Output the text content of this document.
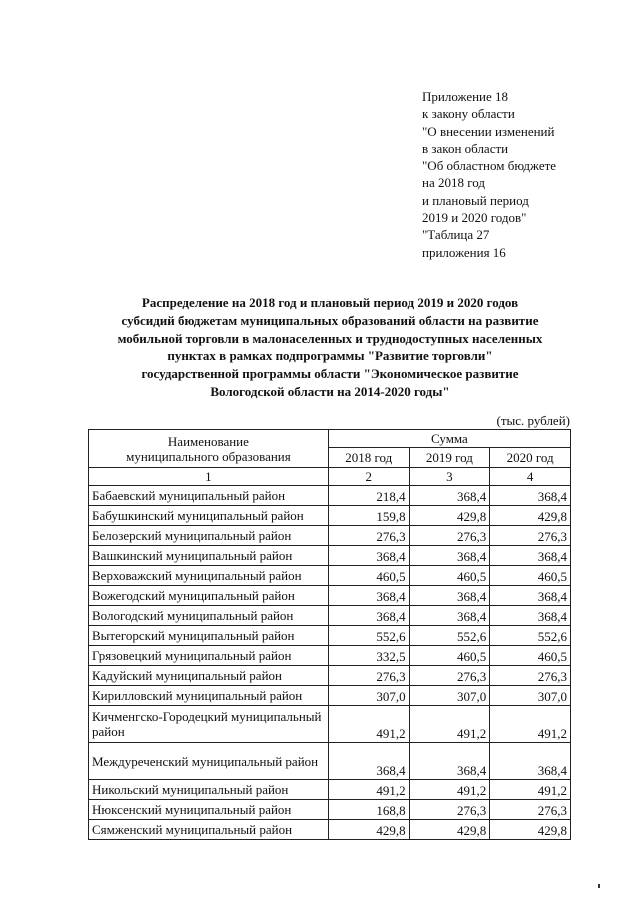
Приложение 18
к закону области
"О внесении изменений
в закон области
"Об областном бюджете
на 2018 год
и плановый период
2019 и 2020 годов"
"Таблица 27
приложения 16
Распределение на 2018 год и плановый период 2019 и 2020 годов
субсидий бюджетам муниципальных образований области на развитие
мобильной торговли в малонаселенных и труднодоступных населенных
пунктах в рамках подпрограммы "Развитие торговли"
государственной программы области "Экономическое развитие
Вологодской области на 2014-2020 годы"
(тыс. рублей)
Наименование
муниципального образования	Сумма		
	2018 год	2019 год	2020 год
1	2	3	4
Бабаевский муниципальный район	218,4	368,4	368,4
Бабушкинский муниципальный район	159,8	429,8	429,8
Белозерский муниципальный район	276,3	276,3	276,3
Вашкинский муниципальный район	368,4	368,4	368,4
Верховажский муниципальный район	460,5	460,5	460,5
Вожегодский муниципальный район	368,4	368,4	368,4
Вологодский муниципальный район	368,4	368,4	368,4
Вытегорский муниципальный район	552,6	552,6	552,6
Грязовецкий муниципальный район	332,5	460,5	460,5
Кадуйский муниципальный район	276,3	276,3	276,3
Кирилловский муниципальный район	307,0	307,0	307,0
Кичменгско-Городецкий муниципальный район	491,2	491,2	491,2
Междуреченский муниципальный район	368,4	368,4	368,4
Никольский муниципальный район	491,2	491,2	491,2
Нюксенский муниципальный район	168,8	276,3	276,3
Сямженский муниципальный район	429,8	429,8	429,8
